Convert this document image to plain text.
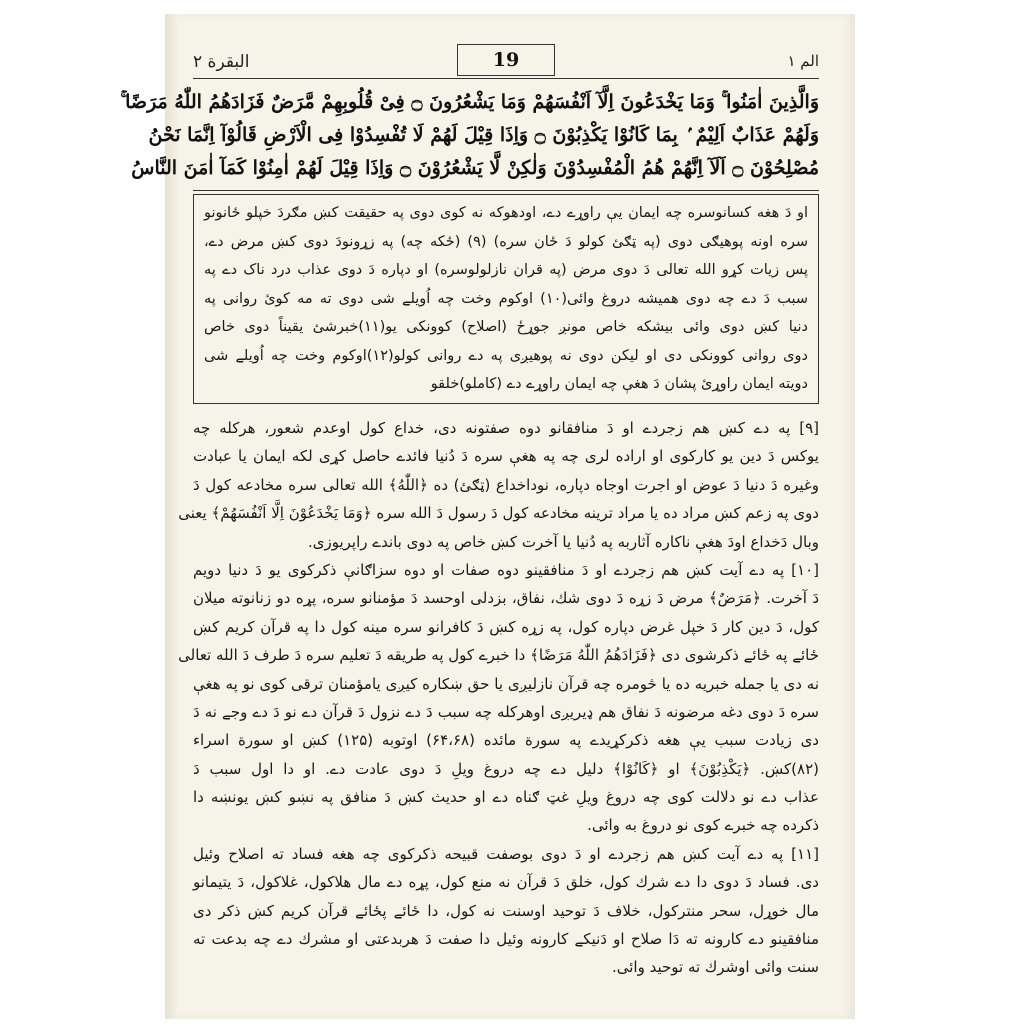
البقرة ٢	19	الم ١
وَالَّذِينَ اٰمَنُوا ۚ وَمَا يَخْدَعُونَ اِلَّآ اَنْفُسَهُمْ وَمَا يَشْعُرُونَ ۝ فِىْ قُلُوبِهِمْ مَّرَضٌ فَزَادَهُمُ اللّٰهُ مَرَضًا ۚ
وَلَهُمْ عَذَابٌ اَلِيْمٌ ۢ بِمَا كَانُوْا يَكْذِبُوْنَ ۝ وَاِذَا قِيْلَ لَهُمْ لَا تُفْسِدُوْا فِى الْاَرْضِ قَالُوْآ اِنَّمَا نَحْنُ
مُصْلِحُوْنَ ۝ اَلَآ اِنَّهُمْ هُمُ الْمُفْسِدُوْنَ وَلٰكِنْ لَّا يَشْعُرُوْنَ ۝ وَاِذَا قِيْلَ لَهُمْ اٰمِنُوْا كَمَآ اٰمَنَ النَّاسُ
او دَ هغه کسانوسره چه ایمان یې راوړے دے، اودهوکه نه کوی دوی په حقیقت کښ مګردَ خپلو ځانونو
سره اونه پوهیګی دوی (په ټګئ کولو دَ ځان سره) (۹) (ځکه چه) په زړونودَ دوی کښ مرض دے،
پس زیات کړو الله تعالی دَ دوی مرض (په قران نازلولوسره) او دپاره دَ دوی عذاب درد ناک دے په
سبب دَ دے چه دوی همیشه دروغ وائی(۱۰) اوکوم وخت چه اُویلے شی دوی ته مه کوئ روانی په
دنیا کښ دوی وائی بیشکه خاص مونږ جوړځ (اصلاح) کوونکی یو(۱۱)خبرشئ یقیناً دوی خاص
دوی روانی کوونکی دی او لیکن دوی نه پوهیږی په دے روانی کولو(۱۲)اوکوم وخت چه اُویلے شی
دویته ایمان راوړئ پشان دَ هغې چه ایمان راوړے دے (کاملو)خلقو
[۹] په دے کښ هم زجردے او دَ منافقانو دوه صفتونه دی، خداع کول اوعدم شعور، هرکله چه
یوکس دَ دین یو کارکوی او اراده لری چه په هغې سره دَ دُنیا فائدے حاصل کړی لکه ایمان یا عبادت
وغیره دَ دنیا دَ عوض او اجرت اوجاه دپاره، نوداخداع (ټګئ) ده ﴿اللّٰهُ﴾ الله تعالی سره مخادعه کول دَ
دوی په زعم کښ مراد ده یا مراد ترینه مخادعه کول دَ رسول دَ الله سره ﴿وَمَا يَخْدَعُوْنَ اِلَّا اَنْفُسَهُمْ﴾ یعنی
وبال دَخداع اودَ هغې ناکاره آثاربه په دُنیا یا آخرت کښ خاص په دوی باندے راپریوزی.
[۱۰] په دے آیت کښ هم زجردے او دَ منافقینو دوه صفات او دوه سزاګانې ذکرکوی یو دَ دنیا دویم
دَ آخرت. ﴿مَرَضٌ﴾ مرض دَ زړه دَ دوی شك، نفاق، بزدلی اوحسد دَ مؤمنانو سره، پړه دو زنانوته میلان
کول، دَ دین کار دَ خپل غرض دپاره کول، په زړه کښ دَ کافرانو سره مینه کول دا په قرآن کریم کښ
ځائے په ځائے ذکرشوی دی ﴿فَزَادَهُمُ اللّٰهُ مَرَضًا﴾ دا خبرے کول په طریقه دَ تعلیم سره دَ طرف دَ الله تعالی
نه دی یا جمله خبریه ده یا څومره چه قرآن نازلیږی یا حق ښکاره کیږی یامؤمنان ترقی کوی نو په هغې
سره دَ دوی دغه مرضونه دَ نفاق هم ډیریږی اوهرکله چه سبب دَ دے نزول دَ قرآن دے نو دَ دے وجے نه دَ
دی زیادت سبب یې هغه ذکرکړیدے په سورة مائده (۶۴،۶۸) اوتوبه (۱۲۵) کښ او سورة اسراء
(۸۲)کښ. ﴿يَكْذِبُوْنَ﴾ او ﴿كَانُوْا﴾ دلیل دے چه دروغ ویلِ دَ دوی عادت دے. او دا اول سبب دَ
عذاب دے نو دلالت کوی چه دروغ ویلِ غټ ګناه دے او حدیث کښ دَ منافق په نښو کښ یونښه دا
ذکرده چه خبرے کوی نو دروغ به وائی.
[۱۱] په دے آیت کښ هم زجردے او دَ دوی بوصفت قبیحه ذکرکوی چه هغه فساد ته اصلاح وئیل
دی. فساد دَ دوی دا دے شرك كول، خلق دَ قرآن نه منع کول، پړه دے مال هلاکول، غلاکول، دَ یتیمانو
مال خوړل، سحر منترکول، خلاف دَ توحید اوسنت نه کول، دا ځائے پځائے قرآن کریم کښ ذکر دی
منافقینو دے کارونه ته دَا صلاح او دَنیکے کارونه وئیل دا صفت دَ هربدعتی او مشرك دے چه بدعت ته
سنت وائی اوشرك ته توحید وائی.
